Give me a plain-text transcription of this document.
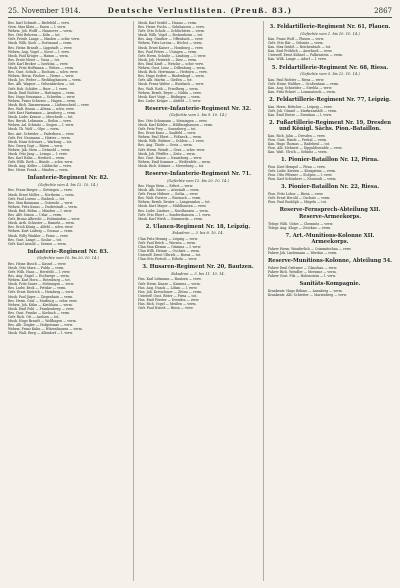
25. November 1914.	Deutsche Verlustlisten. (Preuß. 83.)	2867
Res. Karl Schmitt — Bielefeld — verw.
Gren. Max Klein — Essen — l. verw.
Wehrm. Joh. Wolff — Hannover — verm.
Res. Otto Behrens — Köln — tot.
Gefr. Friedr. Lange — Minden — schw. verw.
Musk. Wilh. Koch — Dortmund — verm.
Res. Heinr. Brandt — Lippstadt — verw.
Wehrm. Aug. Vogel — Soest — l. verw.
Musk. Paul Krüger — Hamm — verm.
Res. Ernst Meier — Unna — tot.
Gefr. Karl Becker — Iserlohn — verw.
Musk. Fritz Hoffmann — Witten — verm.
Res. Gust. Schulz — Bochum — schw. verw.
Wehrm. Herm. Fischer — Herne — verw.
Musk. Jos. Weber — Recklinghausen — verm.
Res. Alb. Wagner — Gelsenkirchen — tot.
Gefr. Rob. Schäfer — Buer — l. verw.
Musk. Emil Richter — Hattingen — verm.
Res. Hugo Neumann — Schwelm — verw.
Wehrm. Franz Schwarz — Hagen — verm.
Musk. Rich. Zimmermann — Lüdenscheid — verw.
Res. Walt. Braun — Altena — schw. verw.
Gefr. Kurt Hartmann — Arnsberg — verm.
Musk. Ludw. Krause — Meschede — tot.
Res. Bernh. Lehmann — Brilon — verw.
Wehrm. Ad. Schmitz — Siegen — l. verw.
Musk. Th. Wolf — Olpe — verm.
Res. Ant. Schröder — Paderborn — verw.
Gefr. Pet. Neumann — Höxter — verm.
Musk. Hans Schwarz — Warburg — tot.
Res. Georg Vogt — Büren — verw.
Wehrm. Jak. Stein — Detmold — verm.
Musk. Otto Jung — Lemgo — l. verw.
Res. Karl Hahn — Herford — verm.
Gefr. Wilh. Roth — Bünde — schw. verw.
Musk. Aug. Keller — Lübbecke — verw.
Res. Heinr. Frank — Minden — verm.
Infanterie-Regiment Nr. 82.
(Gefechte vom 4. bis 12. 10. 14.)
Res. Franz Berger — Göttingen — verw.
Musk. Ernst Möller — Northeim — verm.
Gefr. Paul Lorenz — Einbeck — tot.
Res. Max Baumann — Osterode — verw.
Wehrm. Fritz Kraus — Duderstadt — verm.
Musk. Rud. Böhm — Münden — l. verw.
Res. Alfr. Simon — Uslar — verm.
Gefr. Bruno Albrecht — Holzminden — verw.
Musk. Arth. Schuster — Hameln — verm.
Res. Erich König — Alfeld — schw. verw.
Wehrm. Kurt Ludwig — Gronau — verm.
Musk. Willy Winkler — Peine — verw.
Res. Gust. Lange — Goslar — tot.
Gefr. Karl Arnold — Seesen — verm.
Infanterie-Regiment Nr. 83.
(Gefechte vom 10. bis 20. 10. 14.)
Res. Heinr. Busch — Kassel — verw.
Musk. Otto Marx — Fulda — verm.
Gefr. Wilh. Haas — Hersfeld — l. verw.
Res. Aug. Engel — Eschwege — verm.
Wehrm. Karl Horn — Rotenburg — tot.
Musk. Fritz Sauer — Melsungen — verw.
Res. Ludw. Beck — Fritzlar — verm.
Gefr. Ernst Dietrich — Homberg — verw.
Musk. Paul Jäger — Ziegenhain — verm.
Res. Herm. Graf — Marburg — schw. verw.
Wehrm. Joh. Kühn — Kirchhain — verm.
Musk. Emil Pohl — Frankenberg — verw.
Res. Gust. Franke — Korbach — verm.
Gefr. Rich. Ott — Arolsen — tot.
Musk. Hugo Brandt — Wolfhagen — verm.
Res. Alb. Ziegler — Hofgeismar — verw.
Wehrm. Franz Kuhn — Witzenhausen — verm.
Musk. Walt. Berg — Allendorf — l. verw.
Musk. Karl Seidel — Hanau — verm.
Res. Heinr. Fuchs — Gelnhausen — verw.
Gefr. Otto Scholz — Schlüchtern — verm.
Musk. Wilh. Vogel — Bockenheim — tot.
Res. Aug. Günther — Offenbach — verw.
Wehrm. Fritz Lorenz — Höchst — verm.
Musk. Ernst Kaiser — Homburg — verw.
Res. Paul Peters — Usingen — verm.
Gefr. Herm. Schulte — Limburg — l. verw.
Musk. Joh. Heinrich — Diez — verm.
Res. Emil Kraft — Wetzlar — schw. verw.
Wehrm. Gust. Lenz — Dillenburg — verm.
Musk. Rich. Herrmann — Herborn — verw.
Res. Hugo Seifert — Biedenkopf — verm.
Gefr. Alb. Martin — Gießen — tot.
Musk. Franz Walter — Butzbach — verw.
Res. Walt. Roth — Friedberg — verm.
Wehrm. Bernh. Beyer — Nidda — verw.
Musk. Kurt Voigt — Büdingen — verm.
Res. Ludw. Krüger — Alsfeld — l. verw.
Reserve-Infanterie-Regiment Nr. 32.
(Gefechte vom 2. bis 9. 10. 14.)
Res. Otto Schumann — Meiningen — verw.
Musk. Karl Köhler — Hildburghausen — verm.
Gefr. Fritz Frey — Sonneberg — tot.
Res. Ernst Kunz — Saalfeld — verw.
Wehrm. Paul Ebert — Pößneck — verm.
Musk. Wilh. Büttner — Schleiz — l. verw.
Res. Aug. Thiele — Greiz — verm.
Gefr. Herm. Wendt — Gera — schw. verw.
Musk. Joh. Pfeiffer — Zeitz — verm.
Res. Gust. Haase — Naumburg — verw.
Wehrm. Emil Sommer — Weißenfels — verm.
Musk. Rich. Krämer — Merseburg — tot.
Reserve-Infanterie-Regiment Nr. 71.
(Gefechte vom 12. bis 20. 10. 14.)
Res. Hugo Stein — Erfurt — verw.
Musk. Alb. Sauer — Arnstadt — verm.
Gefr. Franz Hübner — Gotha — verw.
Res. Walt. Forster — Eisenach — verm.
Wehrm. Bernh. Reuter — Langensalza — tot.
Musk. Kurt Mayer — Mühlhausen — verw.
Res. Ludw. Lindner — Nordhausen — verm.
Gefr. Otto Ebert — Sondershausen — l. verw.
Musk. Karl Wirth — Sömmerda — verm.
2. Ulanen-Regiment Nr. 18, Leipzig.
Eskadron — 3. bis 8. 10. 14.
Ulan Fritz Hennig — Leipzig — verw.
Gefr. Paul Reich — Wurzen — verm.
Ulan Max Klemm — Grimma — l. verw.
Ulan Wilh. Heinze — Oschatz — verm.
Unteroff. Ernst Ulbrich — Borna — tot.
Ulan Otto Pietsch — Döbeln — verw.
3. Husaren-Regiment Nr. 20, Bautzen.
Eskadron — 5. bis 11. 10. 14.
Hus. Karl Lehmann — Bautzen — verw.
Gefr. Herm. Kunze — Kamenz — verm.
Hus. Aug. Noack — Löbau — l. verw.
Hus. Joh. Kretschmer — Zittau — verm.
Unteroff. Gust. Ritter — Pirna — tot.
Hus. Emil Förster — Dresden — verw.
Hus. Rich. Vogel — Meißen — verm.
Gefr. Paul Hirsch — Riesa — verw.
3. Feldartillerie-Regiment Nr. 61, Plauen.
(Gefechte vom 1. bis 10. 10. 14.)
Kan. Franz Wolf — Plauen — verw.
Gefr. Otto Bär — Oelsnitz — verm.
Kan. Max Seidel — Reichenbach — tot.
Kan. Karl Fröhlich — Auerbach — verw.
Unteroff. Ernst Kühnel — Falkenstein — verm.
Kan. Wilh. Lange — Adorf — l. verw.
5. Feldartillerie-Regiment Nr. 68, Riesa.
(Gefechte vom 5. bis 12. 10. 14.)
Kan. Paul Richter — Riesa — verw.
Gefr. Heinr. Walther — Großenhain — verm.
Kan. Aug. Schneider — Strehla — verw.
Kan. Fritz Eckert — Lommatzsch — verm.
2. Feldartillerie-Regiment Nr. 77, Leipzig.
Kan. Herm. Böttcher — Leipzig — verw.
Gefr. Joh. Günzel — Markranstädt — verm.
Kan. Emil Dietze — Zwenkau — l. verw.
2. Fußartillerie-Regiment Nr. 19, Dresden und Königl. Sächs. Pion.-Bataillon.
Kan. Rich. Jahn — Dresden — verw.
Pion. Gust. Haufe — Freital — verm.
Kan. Hugo Thomas — Radebeul — tot.
Pion. Alb. Mehnert — Dippoldiswalde — verw.
Kan. Walt. Ulrich — Sebnitz — verm.
1. Pionier-Bataillon Nr. 12, Pirna.
Pion. Kurt Hempel — Pirna — verw.
Gefr. Ludw. Kirsten — Königstein — verm.
Pion. Otto Pfitzner — Stolpen — l. verw.
Pion. Karl Schönherr — Neustadt — verm.
3. Pionier-Bataillon Nr. 22, Riesa.
Pion. Fritz Lohse — Riesa — verw.
Gefr. Ernst Herold — Oschatz — verm.
Pion. Paul Rudolph — Mügeln — tot.
Reserve-Fernsprech-Abteilung XII. Reserve-Armeekorps.
Telegr. Wilh. Götze — Chemnitz — verw.
Telegr. Aug. Kluge — Zwickau — verm.
7. Art.-Munitions-Kolonne XII. Armeekorps.
Fahrer Herm. Wunderlich — Crimmitschau — verw.
Fahrer Joh. Lindemann — Werdau — verm.
Reserve-Munitions-Kolonne, Abteilung 54.
Fahrer Emil Grützner — Glauchau — verw.
Fahrer Rich. Wendler — Meerane — verm.
Fahrer Gust. Pilz — Hohenstein — l. verw.
Sanitäts-Kompagnie.
Krankentr. Hugo Böhme — Annaberg — verm.
Krankentr. Alb. Schreiter — Marienberg — verw.
